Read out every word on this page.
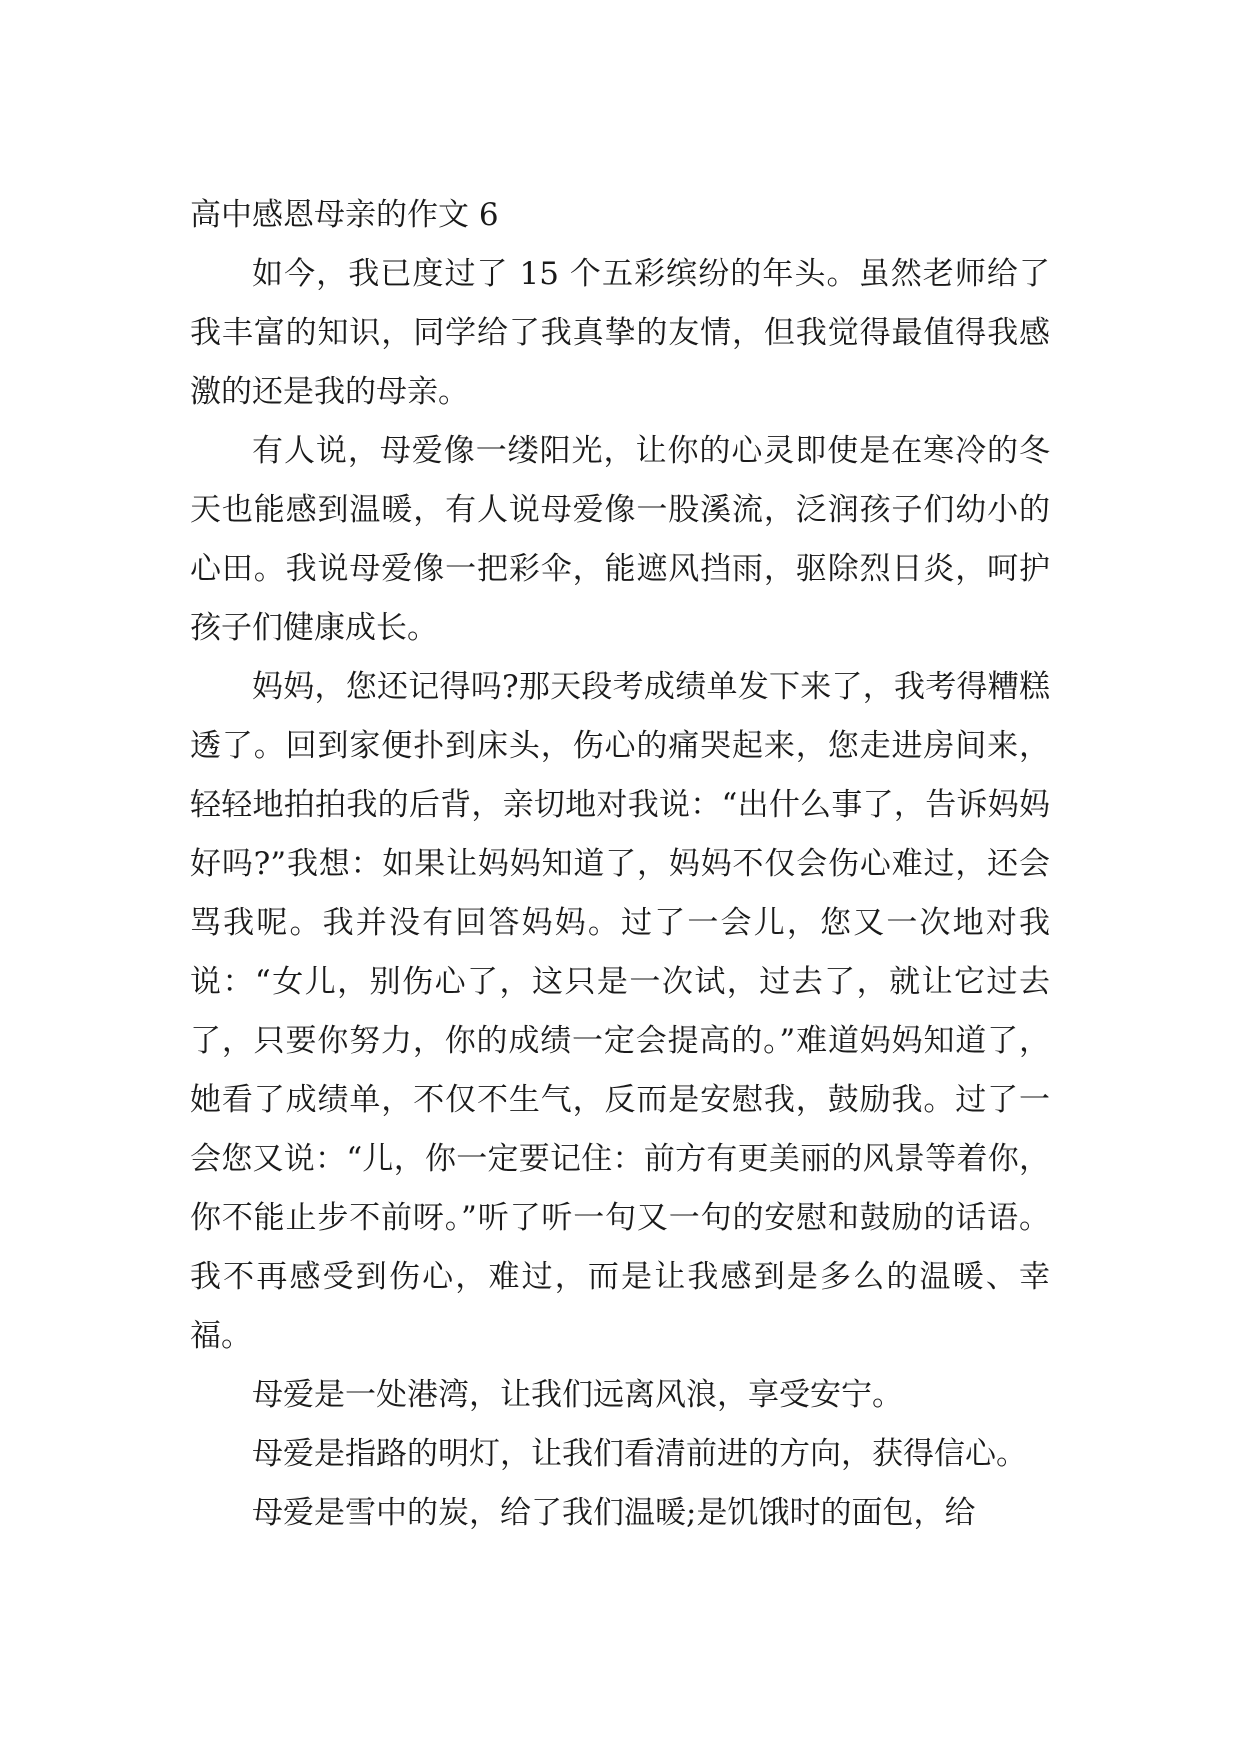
高中感恩母亲的作文 6

如今，我已度过了 15 个五彩缤纷的年头。虽然老师给了我丰富的知识，同学给了我真挚的友情，但我觉得最值得我感激的还是我的母亲。

有人说，母爱像一缕阳光，让你的心灵即使是在寒冷的冬天也能感到温暖，有人说母爱像一股溪流，泛润孩子们幼小的心田。我说母爱像一把彩伞，能遮风挡雨，驱除烈日炎，呵护孩子们健康成长。

妈妈，您还记得吗?那天段考成绩单发下来了，我考得糟糕透了。回到家便扑到床头，伤心的痛哭起来，您走进房间来，轻轻地拍拍我的后背，亲切地对我说：“出什么事了，告诉妈妈好吗?”我想：如果让妈妈知道了，妈妈不仅会伤心难过，还会骂我呢。我并没有回答妈妈。过了一会儿，您又一次地对我说：“女儿，别伤心了，这只是一次试，过去了，就让它过去了，只要你努力，你的成绩一定会提高的。”难道妈妈知道了，她看了成绩单，不仅不生气，反而是安慰我，鼓励我。过了一会您又说：“儿，你一定要记住：前方有更美丽的风景等着你，你不能止步不前呀。”听了听一句又一句的安慰和鼓励的话语。我不再感受到伤心，难过，而是让我感到是多么的温暖、幸福。

母爱是一处港湾，让我们远离风浪，享受安宁。

母爱是指路的明灯，让我们看清前进的方向，获得信心。

母爱是雪中的炭，给了我们温暖;是饥饿时的面包，给
